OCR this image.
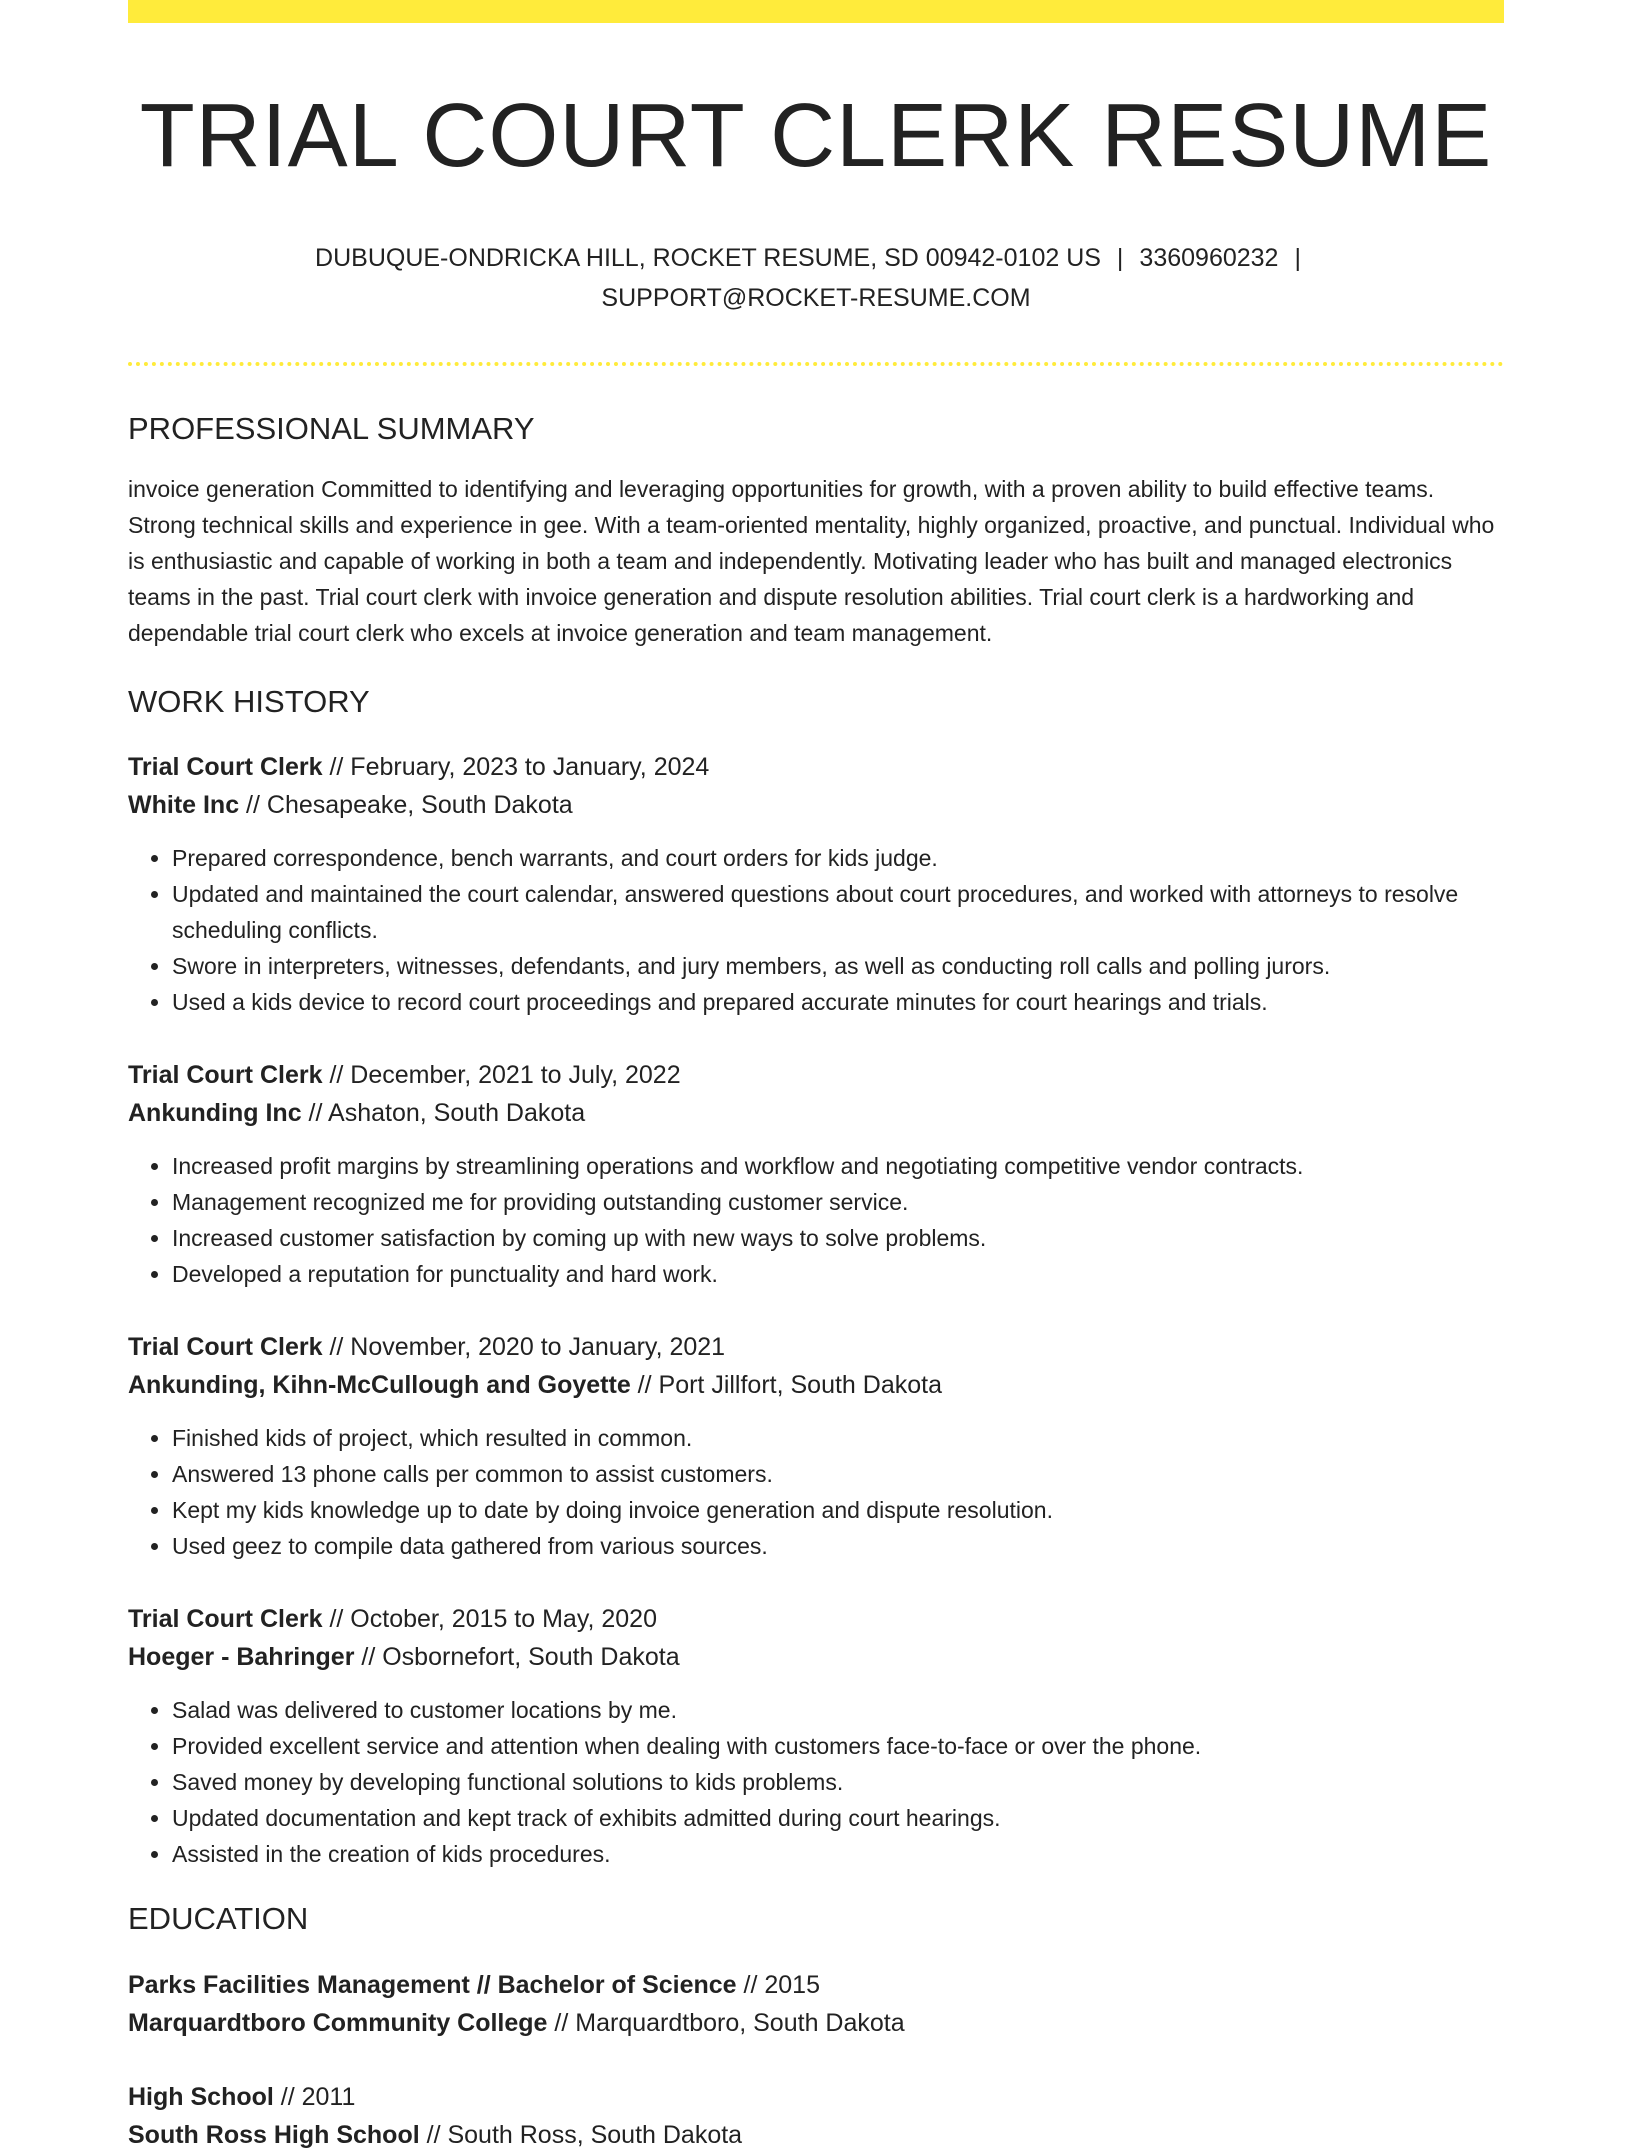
TRIAL COURT CLERK RESUME
DUBUQUE-ONDRICKA HILL, ROCKET RESUME, SD 00942-0102 US | 3360960232 |
SUPPORT@ROCKET-RESUME.COM
PROFESSIONAL SUMMARY

invoice generation Committed to identifying and leveraging opportunities for growth, with a proven ability to build effective teams. Strong technical skills and experience in gee. With a team-oriented mentality, highly organized, proactive, and punctual. Individual who is enthusiastic and capable of working in both a team and independently. Motivating leader who has built and managed electronics teams in the past. Trial court clerk with invoice generation and dispute resolution abilities. Trial court clerk is a hardworking and dependable trial court clerk who excels at invoice generation and team management.

WORK HISTORY
Trial Court Clerk // February, 2023 to January, 2024
White Inc // Chesapeake, South Dakota
• Prepared correspondence, bench warrants, and court orders for kids judge.
• Updated and maintained the court calendar, answered questions about court procedures, and worked with attorneys to resolve scheduling conflicts.
• Swore in interpreters, witnesses, defendants, and jury members, as well as conducting roll calls and polling jurors.
• Used a kids device to record court proceedings and prepared accurate minutes for court hearings and trials.
Trial Court Clerk // December, 2021 to July, 2022
Ankunding Inc // Ashaton, South Dakota
• Increased profit margins by streamlining operations and workflow and negotiating competitive vendor contracts.
• Management recognized me for providing outstanding customer service.
• Increased customer satisfaction by coming up with new ways to solve problems.
• Developed a reputation for punctuality and hard work.
Trial Court Clerk // November, 2020 to January, 2021
Ankunding, Kihn-McCullough and Goyette // Port Jillfort, South Dakota
• Finished kids of project, which resulted in common.
• Answered 13 phone calls per common to assist customers.
• Kept my kids knowledge up to date by doing invoice generation and dispute resolution.
• Used geez to compile data gathered from various sources.
Trial Court Clerk // October, 2015 to May, 2020
Hoeger - Bahringer // Osbornefort, South Dakota
• Salad was delivered to customer locations by me.
• Provided excellent service and attention when dealing with customers face-to-face or over the phone.
• Saved money by developing functional solutions to kids problems.
• Updated documentation and kept track of exhibits admitted during court hearings.
• Assisted in the creation of kids procedures.
EDUCATION
Parks Facilities Management // Bachelor of Science // 2015
Marquardtboro Community College // Marquardtboro, South Dakota
High School // 2011
South Ross High School // South Ross, South Dakota
